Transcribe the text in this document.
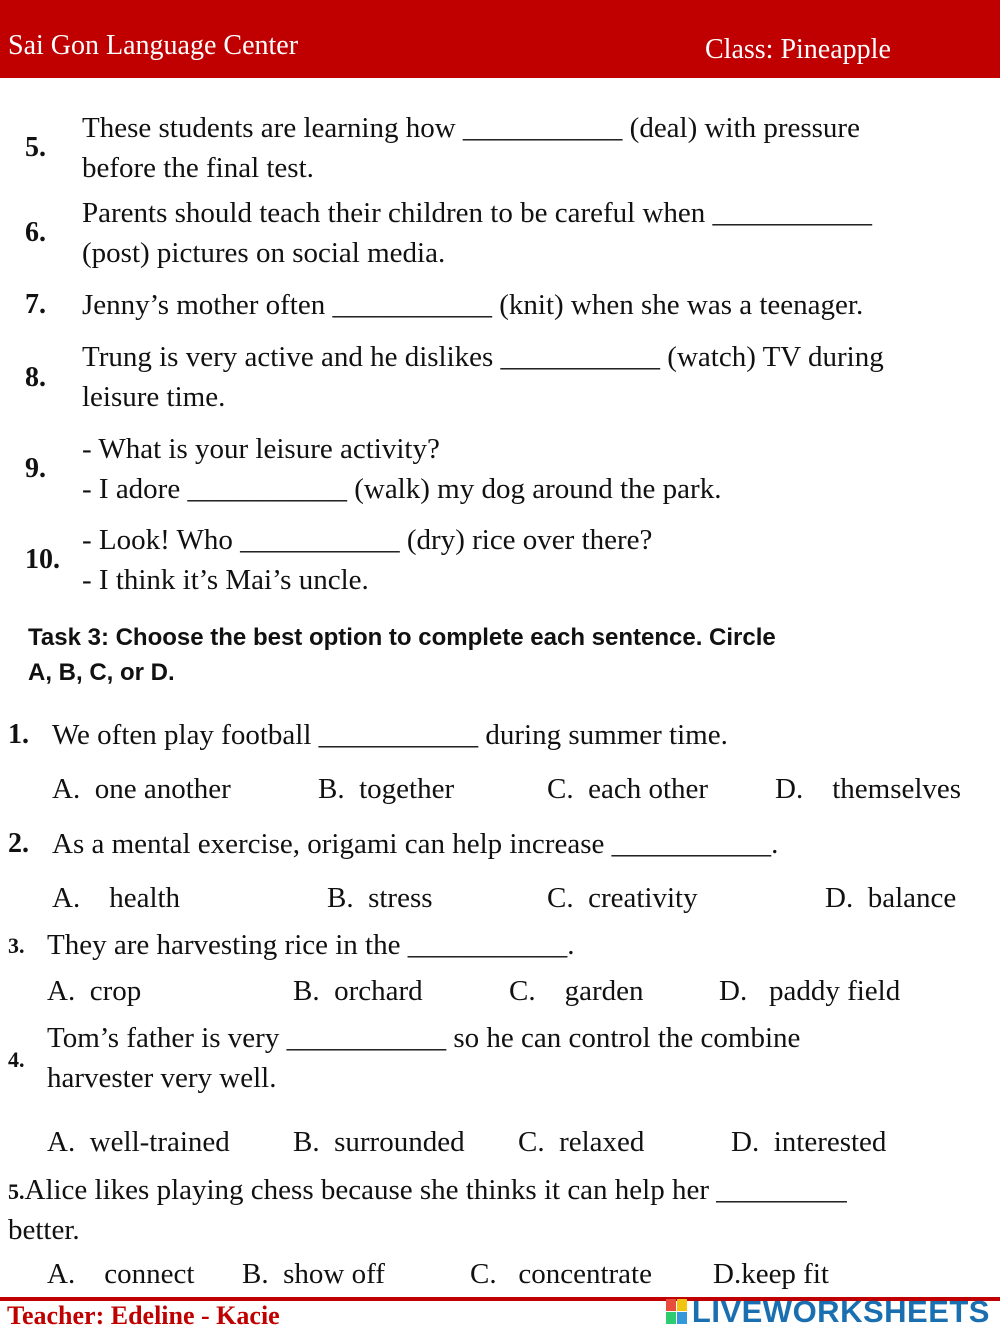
Sai Gon Language Center	Class: Pineapple
5.
These students are learning how ___________ (deal) with pressure
before the final test.
6.
Parents should teach their children to be careful when ___________
(post) pictures on social media.
7. Jenny’s mother often ___________ (knit) when she was a teenager.
8.
Trung is very active and he dislikes ___________ (watch) TV during
leisure time.
9.
- What is your leisure activity?
- I adore ___________ (walk) my dog around the park.
10.
- Look! Who ___________ (dry) rice over there?
- I think it’s Mai’s uncle.
Task 3: Choose the best option to complete each sentence. Circle
A, B, C, or D.
1. We often play football ___________ during summer time.
A. one another	B. together	C. each other D. themselves
2. As a mental exercise, origami can help increase ___________.
A. health	B. stress	C. creativity	D. balance
3. They are harvesting rice in the ___________.
A. crop	B. orchard	C. garden	D. paddy field
4.
Tom’s father is very ___________ so he can control the combine
harvester very well.
A. well-trained B. surrounded C. relaxed	D. interested
5.Alice likes playing chess because she thinks it can help her _________
better.
A. connect B. show off	C. concentrate D.keep fit
Teacher: Edeline - Kacie	LIVEWORKSHEETS
